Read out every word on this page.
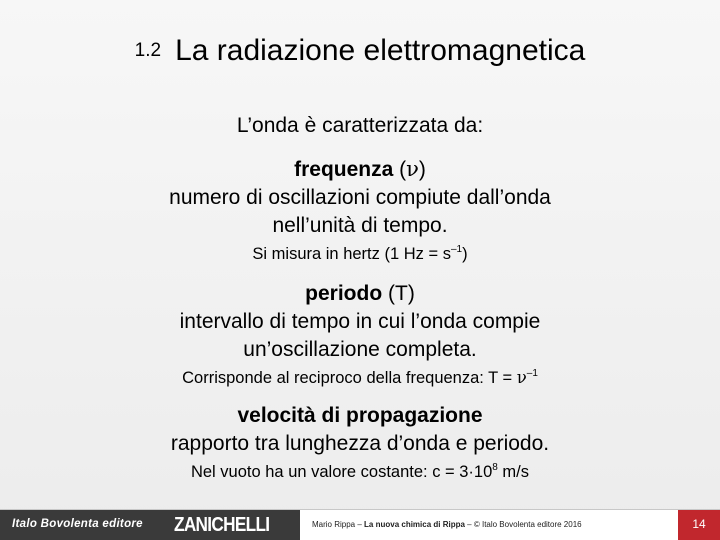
1.2 La radiazione elettromagnetica
L’onda è caratterizzata da:
frequenza (ν)
numero di oscillazioni compiute dall’onda
nell’unità di tempo.
Si misura in hertz (1 $Hz = s^{-1}$)
periodo (T)
intervallo di tempo in cui l’onda compie
un’oscillazione completa.
Corrisponde al reciproco della frequenza: $T = \nu^{-1}$
velocità di propagazione
rapporto tra lunghezza d’onda e periodo.
Nel vuoto ha un valore costante: $c = 3\cdot 10^8$ m/s
Italo Bovolenta editore ZANICHELLI	Mario Rippa – La nuova chimica di Rippa – © Italo Bovolenta editore 2016	14
